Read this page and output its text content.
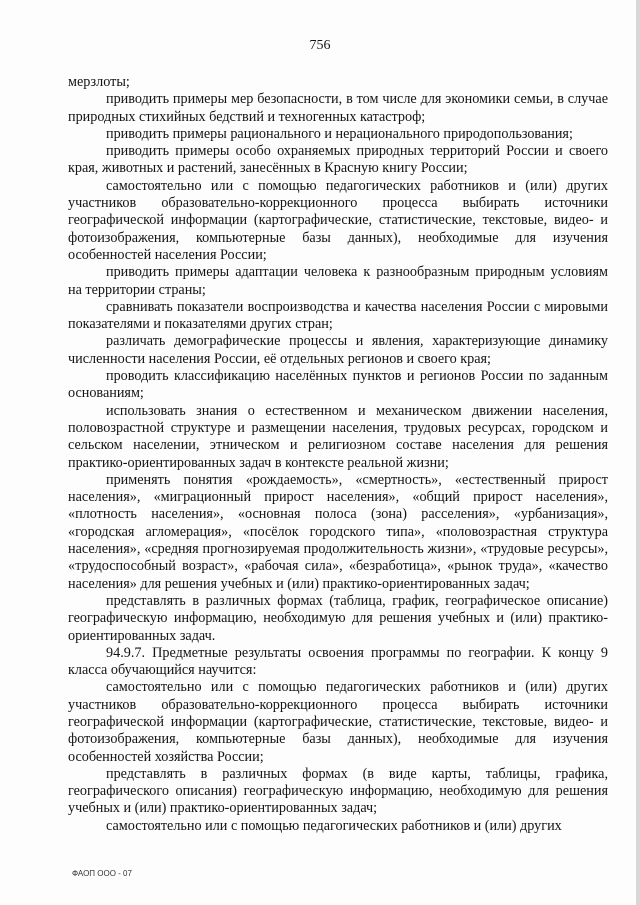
756

мерзлоты;

приводить примеры мер безопасности, в том числе для экономики семьи, в случае природных стихийных бедствий и техногенных катастроф;

приводить примеры рационального и нерационального природопользования;

приводить примеры особо охраняемых природных территорий России и своего края, животных и растений, занесённых в Красную книгу России;

самостоятельно или с помощью педагогических работников и (или) других участников образовательно-коррекционного процесса выбирать источники географической информации (картографические, статистические, текстовые, видео- и фотоизображения, компьютерные базы данных), необходимые для изучения особенностей населения России;

приводить примеры адаптации человека к разнообразным природным условиям на территории страны;

сравнивать показатели воспроизводства и качества населения России с мировыми показателями и показателями других стран;

различать демографические процессы и явления, характеризующие динамику численности населения России, её отдельных регионов и своего края;

проводить классификацию населённых пунктов и регионов России по заданным основаниям;

использовать знания о естественном и механическом движении населения, половозрастной структуре и размещении населения, трудовых ресурсах, городском и сельском населении, этническом и религиозном составе населения для решения практико-ориентированных задач в контексте реальной жизни;

применять понятия «рождаемость», «смертность», «естественный прирост населения», «миграционный прирост населения», «общий прирост населения», «плотность населения», «основная полоса (зона) расселения», «урбанизация», «городская агломерация», «посёлок городского типа», «половозрастная структура населения», «средняя прогнозируемая продолжительность жизни», «трудовые ресурсы», «трудоспособный возраст», «рабочая сила», «безработица», «рынок труда», «качество населения» для решения учебных и (или) практико-ориентированных задач;

представлять в различных формах (таблица, график, географическое описание) географическую информацию, необходимую для решения учебных и (или) практико-ориентированных задач.

94.9.7. Предметные результаты освоения программы по географии. К концу 9 класса обучающийся научится:

самостоятельно или с помощью педагогических работников и (или) других участников образовательно-коррекционного процесса выбирать источники географической информации (картографические, статистические, текстовые, видео- и фотоизображения, компьютерные базы данных), необходимые для изучения особенностей хозяйства России;

представлять в различных формах (в виде карты, таблицы, графика, географического описания) географическую информацию, необходимую для решения учебных и (или) практико-ориентированных задач;

самостоятельно или с помощью педагогических работников и (или) других

ФАОП ООО - 07
